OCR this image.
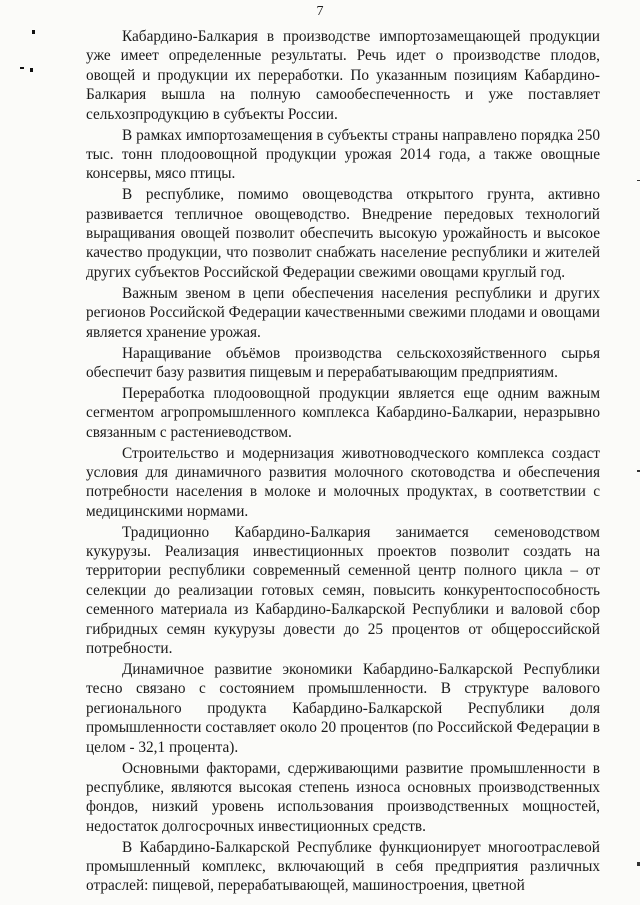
7

Кабардино-Балкария в производстве импортозамещающей продукции уже имеет определенные результаты. Речь идет о производстве плодов, овощей и продукции их переработки. По указанным позициям Кабардино-Балкария вышла на полную самообеспеченность и уже поставляет сельхозпродукцию в субъекты России.

В рамках импортозамещения в субъекты страны направлено порядка 250 тыс. тонн плодоовощной продукции урожая 2014 года, а также овощные консервы, мясо птицы.

В республике, помимо овощеводства открытого грунта, активно развивается тепличное овощеводство. Внедрение передовых технологий выращивания овощей позволит обеспечить высокую урожайность и высокое качество продукции, что позволит снабжать население республики и жителей других субъектов Российской Федерации свежими овощами круглый год.

Важным звеном в цепи обеспечения населения республики и других регионов Российской Федерации качественными свежими плодами и овощами является хранение урожая.

Наращивание объёмов производства сельскохозяйственного сырья обеспечит базу развития пищевым и перерабатывающим предприятиям.

Переработка плодоовощной продукции является еще одним важным сегментом агропромышленного комплекса Кабардино-Балкарии, неразрывно связанным с растениеводством.

Строительство и модернизация животноводческого комплекса создаст условия для динамичного развития молочного скотоводства и обеспечения потребности населения в молоке и молочных продуктах, в соответствии с медицинскими нормами.

Традиционно Кабардино-Балкария занимается семеноводством кукурузы. Реализация инвестиционных проектов позволит создать на территории республики современный семенной центр полного цикла – от селекции до реализации готовых семян, повысить конкурентоспособность семенного материала из Кабардино-Балкарской Республики и валовой сбор гибридных семян кукурузы довести до 25 процентов от общероссийской потребности.

Динамичное развитие экономики Кабардино-Балкарской Республики тесно связано с состоянием промышленности. В структуре валового регионального продукта Кабардино-Балкарской Республики доля промышленности составляет около 20 процентов (по Российской Федерации в целом - 32,1 процента).

Основными факторами, сдерживающими развитие промышленности в республике, являются высокая степень износа основных производственных фондов, низкий уровень использования производственных мощностей, недостаток долгосрочных инвестиционных средств.

В Кабардино-Балкарской Республике функционирует многоотраслевой промышленный комплекс, включающий в себя предприятия различных отраслей: пищевой, перерабатывающей, машиностроения, цветной
